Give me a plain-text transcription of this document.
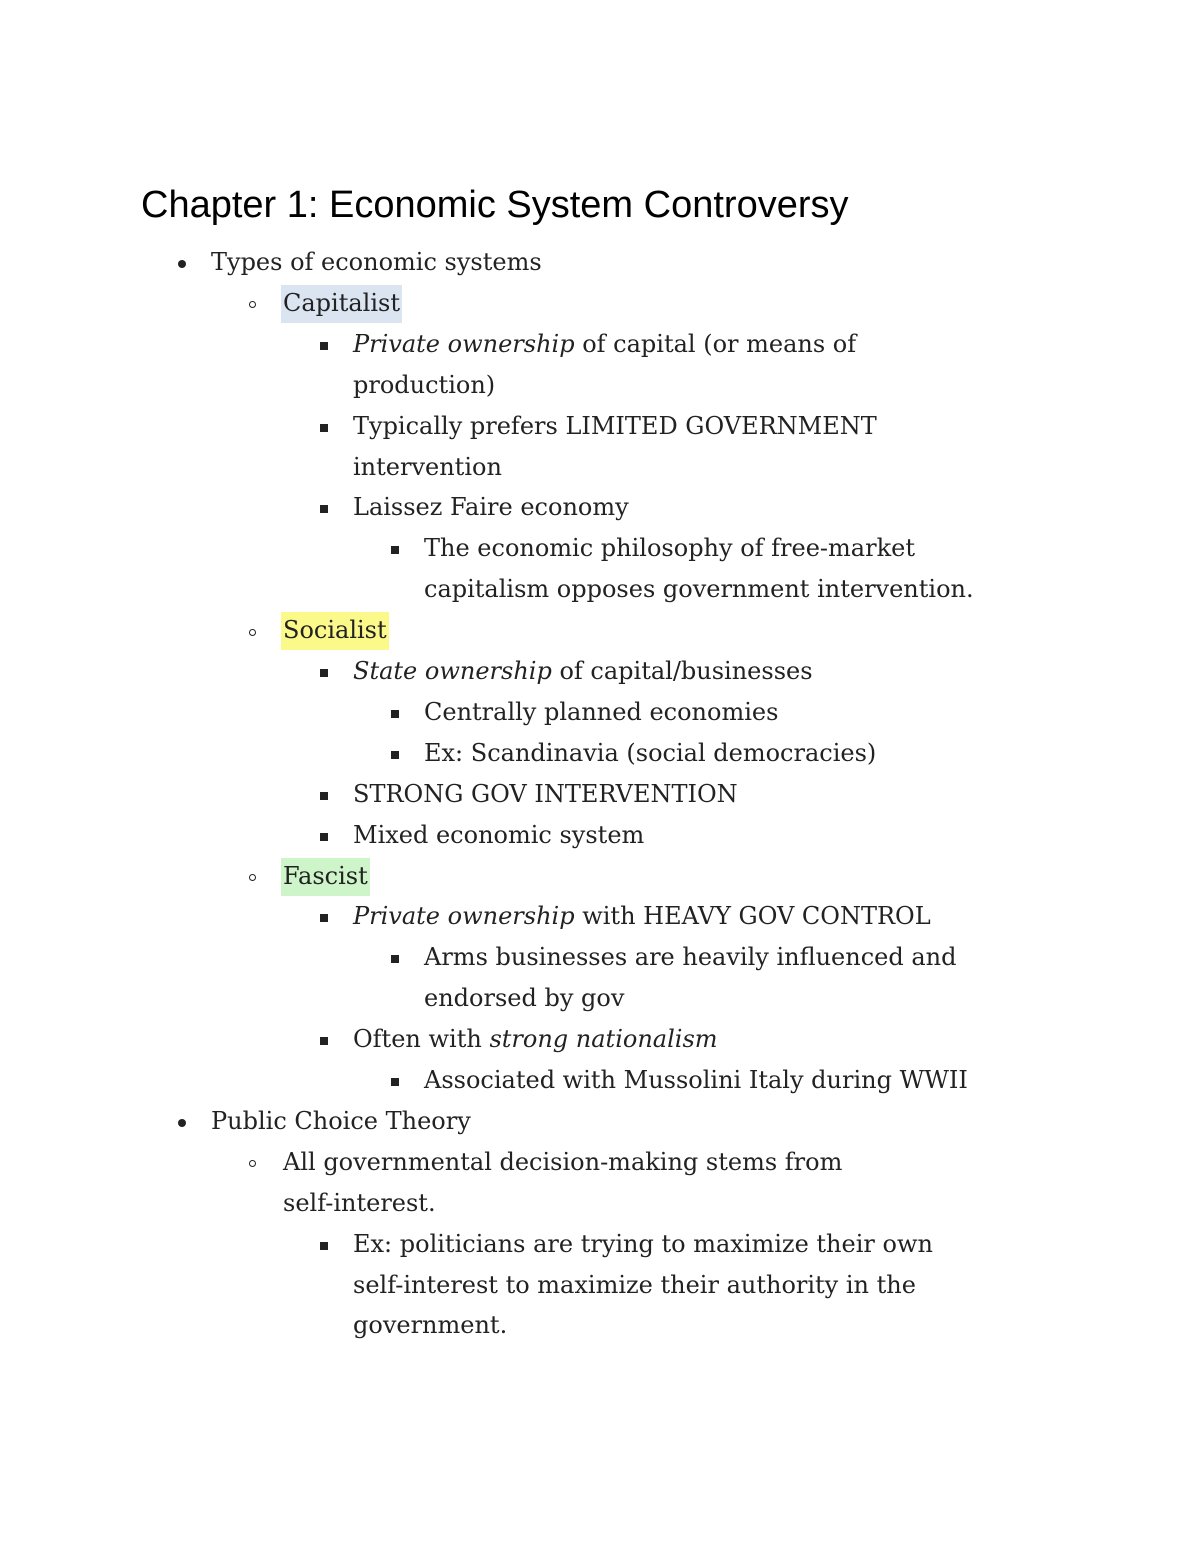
Chapter 1: Economic System Controversy
Types of economic systems
Capitalist
Private ownership of capital (or means of
production)
Typically prefers LIMITED GOVERNMENT
intervention
Laissez Faire economy
The economic philosophy of free-market
capitalism opposes government intervention.
Socialist
State ownership of capital/businesses
Centrally planned economies
Ex: Scandinavia (social democracies)
STRONG GOV INTERVENTION
Mixed economic system
Fascist
Private ownership with HEAVY GOV CONTROL
Arms businesses are heavily influenced and
endorsed by gov
Often with strong nationalism
Associated with Mussolini Italy during WWII
Public Choice Theory
All governmental decision-making stems from
self-interest.
Ex: politicians are trying to maximize their own
self-interest to maximize their authority in the
government.
